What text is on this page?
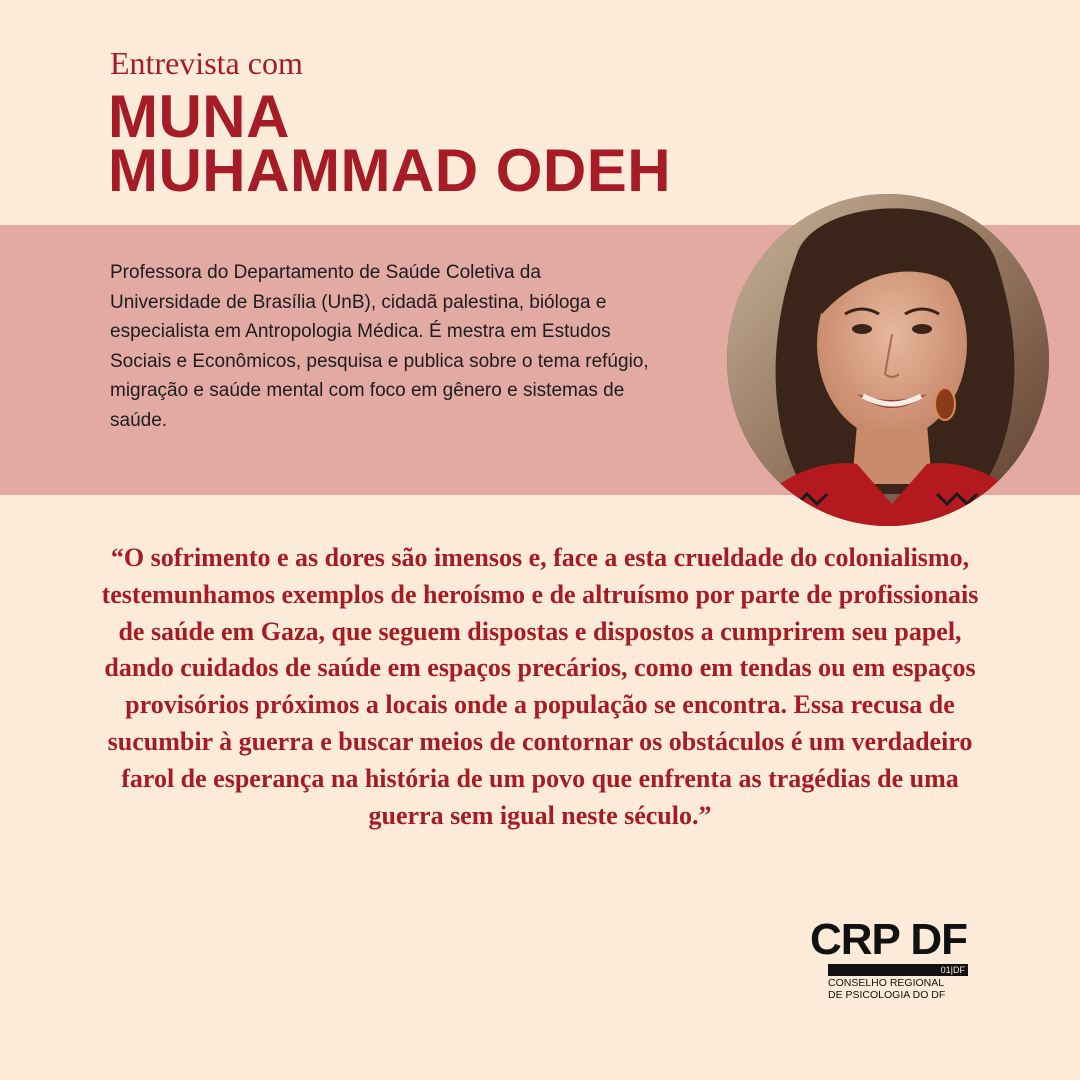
Entrevista com

MUNA
MUHAMMAD ODEH

Professora do Departamento de Saúde Coletiva da Universidade de Brasília (UnB), cidadã palestina, bióloga e especialista em Antropologia Médica. É mestra em Estudos Sociais e Econômicos, pesquisa e publica sobre o tema refúgio, migração e saúde mental com foco em gênero e sistemas de saúde.

“O sofrimento e as dores são imensos e, face a esta crueldade do colonialismo, testemunhamos exemplos de heroísmo e de altruísmo por parte de profissionais de saúde em Gaza, que seguem dispostas e dispostos a cumprirem seu papel, dando cuidados de saúde em espaços precários, como em tendas ou em espaços provisórios próximos a locais onde a população se encontra. Essa recusa de sucumbir à guerra e buscar meios de contornar os obstáculos é um verdadeiro farol de esperança na história de um povo que enfrenta as tragédias de uma guerra sem igual neste século.”

CRP DF
01|DF
CONSELHO REGIONAL
DE PSICOLOGIA DO DF
